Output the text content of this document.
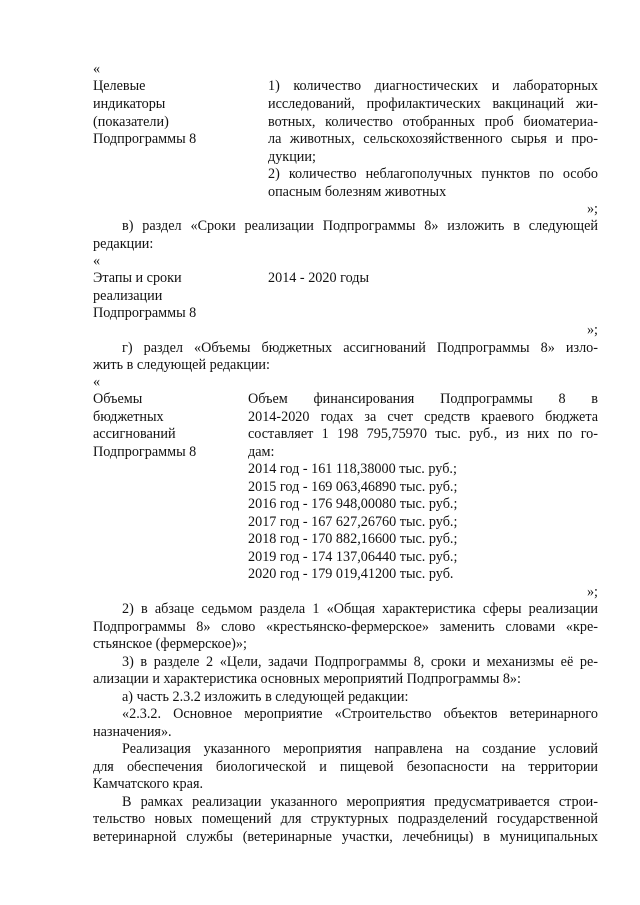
«
Целевые
индикаторы
(показатели)
Подпрограммы 8
1) количество диагностических и лабораторных
исследований, профилактических вакцинаций жи-
вотных, количество отобранных проб биоматериа-
ла животных, сельскохозяйственного сырья и про-
дукции;
2) количество неблагополучных пунктов по особо
опасным болезням животных
»;
в) раздел «Сроки реализации Подпрограммы 8» изложить в следующей
редакции:
«
Этапы и сроки
реализации
Подпрограммы 8
2014 - 2020 годы
»;
г) раздел «Объемы бюджетных ассигнований Подпрограммы 8» изло-
жить в следующей редакции:
«
Объемы
бюджетных
ассигнований
Подпрограммы 8
Объем финансирования Подпрограммы 8 в
2014-2020 годах за счет средств краевого бюджета
составляет 1 198 795,75970 тыс. руб., из них по го-
дам:
2014 год - 161 118,38000 тыс. руб.;
2015 год - 169 063,46890 тыс. руб.;
2016 год - 176 948,00080 тыс. руб.;
2017 год - 167 627,26760 тыс. руб.;
2018 год - 170 882,16600 тыс. руб.;
2019 год - 174 137,06440 тыс. руб.;
2020 год - 179 019,41200 тыс. руб.
»;
2) в абзаце седьмом раздела 1 «Общая характеристика сферы реализации
Подпрограммы 8» слово «крестьянско-фермерское» заменить словами «кре-
стьянское (фермерское)»;
3) в разделе 2 «Цели, задачи Подпрограммы 8, сроки и механизмы её ре-
ализации и характеристика основных мероприятий Подпрограммы 8»:
а) часть 2.3.2 изложить в следующей редакции:
«2.3.2. Основное мероприятие «Строительство объектов ветеринарного
назначения».
Реализация указанного мероприятия направлена на создание условий
для обеспечения биологической и пищевой безопасности на территории
Камчатского края.
В рамках реализации указанного мероприятия предусматривается строи-
тельство новых помещений для структурных подразделений государственной
ветеринарной службы (ветеринарные участки, лечебницы) в муниципальных
